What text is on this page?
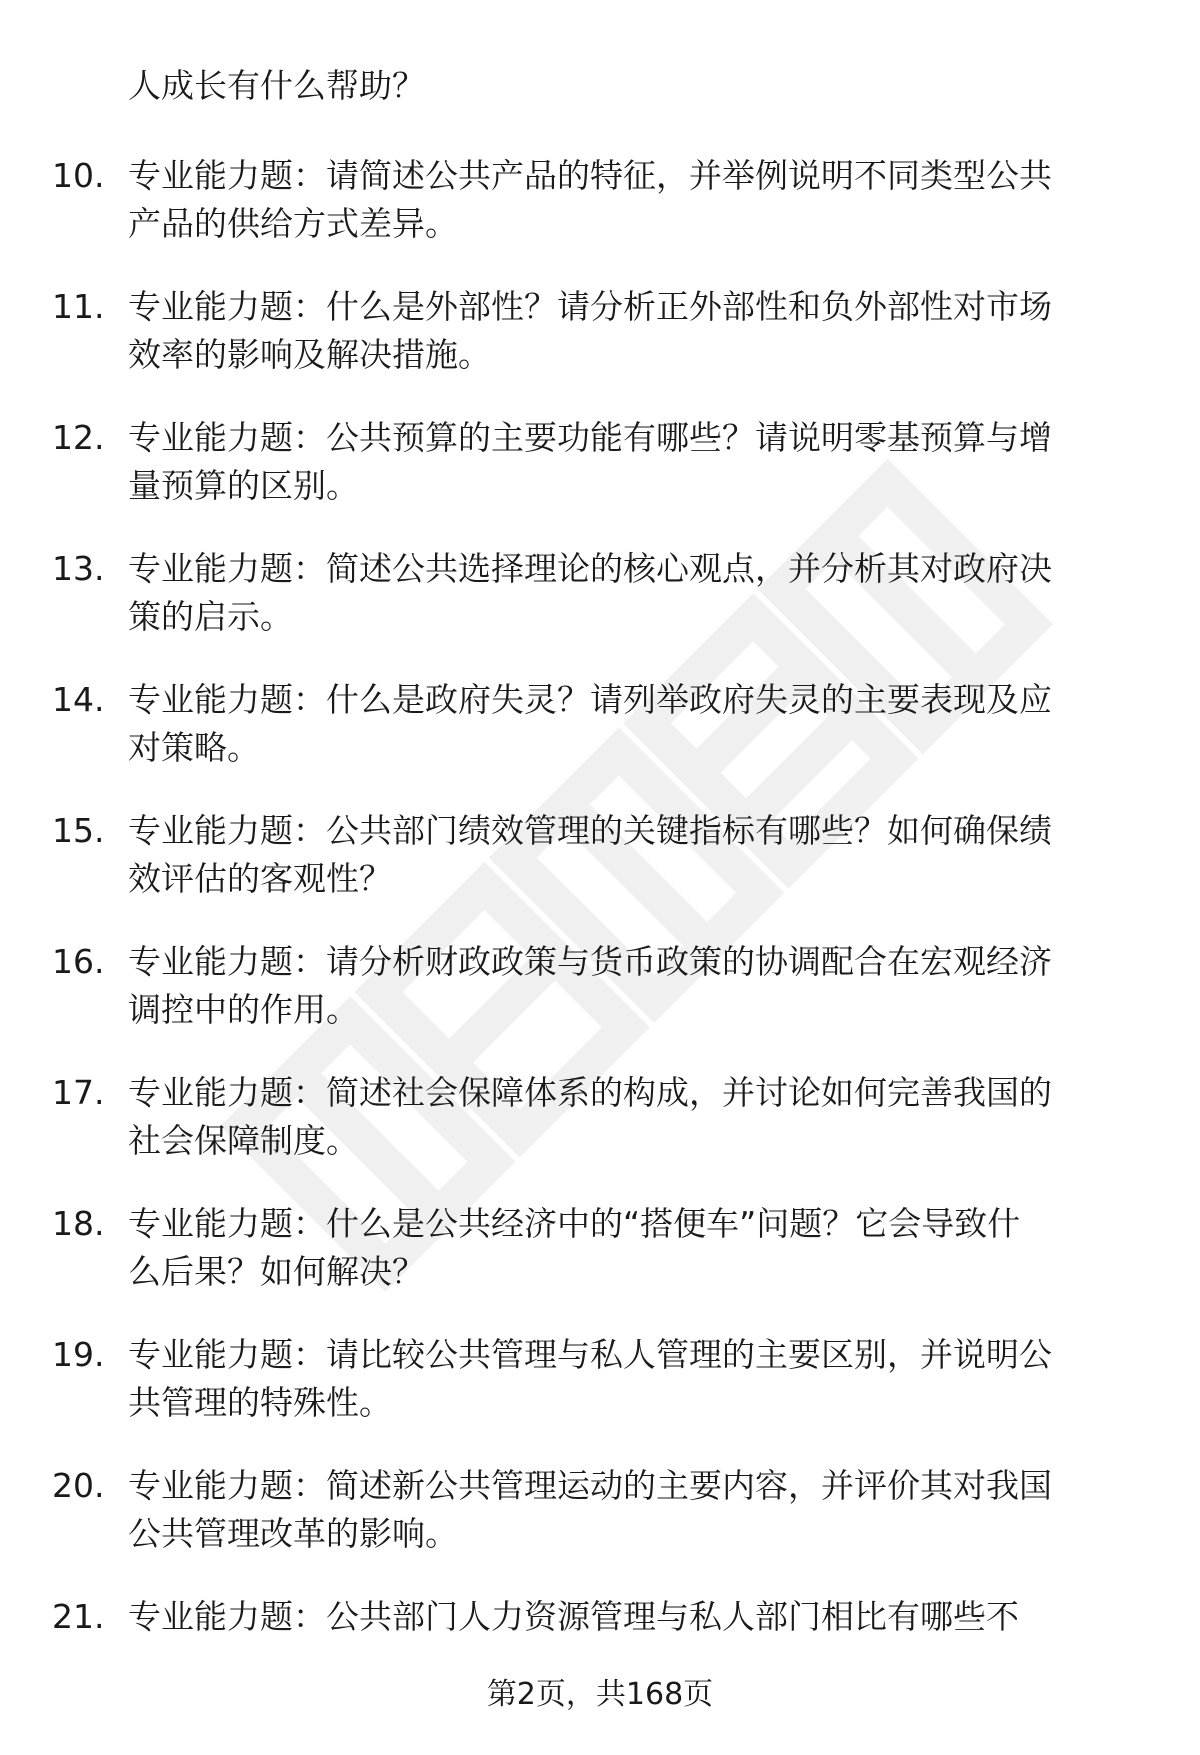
人成长有什么帮助？
10. 专业能力题：请简述公共产品的特征，并举例说明不同类型公共
产品的供给方式差异。
11. 专业能力题：什么是外部性？请分析正外部性和负外部性对市场
效率的影响及解决措施。
12. 专业能力题：公共预算的主要功能有哪些？请说明零基预算与增
量预算的区别。
13. 专业能力题：简述公共选择理论的核心观点，并分析其对政府决
策的启示。
14. 专业能力题：什么是政府失灵？请列举政府失灵的主要表现及应
对策略。
15. 专业能力题：公共部门绩效管理的关键指标有哪些？如何确保绩
效评估的客观性？
16. 专业能力题：请分析财政政策与货币政策的协调配合在宏观经济
调控中的作用。
17. 专业能力题：简述社会保障体系的构成，并讨论如何完善我国的
社会保障制度。
18. 专业能力题：什么是公共经济中的“搭便车”问题？它会导致什
么后果？如何解决？
19. 专业能力题：请比较公共管理与私人管理的主要区别，并说明公
共管理的特殊性。
20. 专业能力题：简述新公共管理运动的主要内容，并评价其对我国
公共管理改革的影响。
21. 专业能力题：公共部门人力资源管理与私人部门相比有哪些不
第2页，共168页
